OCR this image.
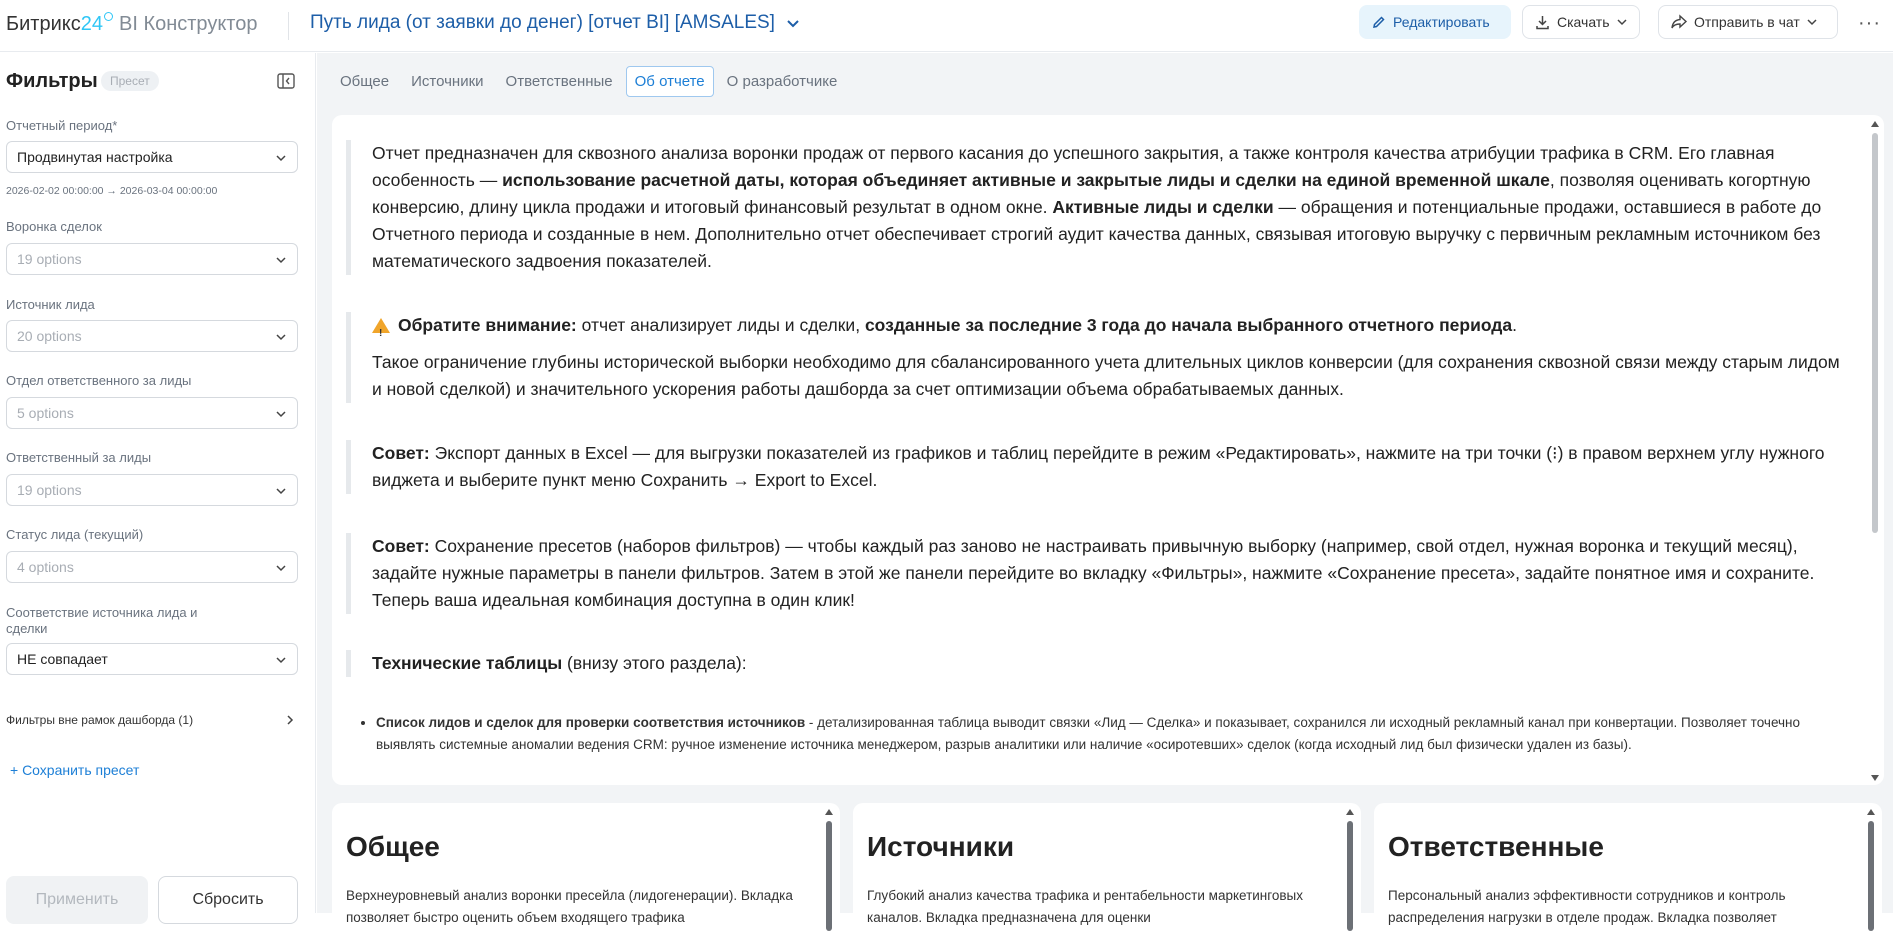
Битрикс24 BI Конструктор	Путь лида (от заявки до денег) [отчет BI] [AMSALES]	Редактировать	Скачать	Отправить в чат	···
Фильтры	Пресет
Отчетный период*
Продвинутая настройка
2026-02-02 00:00:00 → 2026-03-04 00:00:00
Воронка сделок
19 options
Источник лида
20 options
Отдел ответственного за лиды
5 options
Ответственный за лиды
19 options
Статус лида (текущий)
4 options
Соответствие источника лида и сделки
НЕ совпадает
Фильтры вне рамок дашборда (1)
+ Сохранить пресет
Применить	Сбросить
Общее	Источники	Ответственные	Об отчете	О разработчике
Отчет предназначен для сквозного анализа воронки продаж от первого касания до успешного закрытия, а также контроля качества атрибуции трафика в CRM. Его главная особенность — использование расчетной даты, которая объединяет активные и закрытые лиды и сделки на единой временной шкале, позволяя оценивать когортную конверсию, длину цикла продажи и итоговый финансовый результат в одном окне. Активные лиды и сделки — обращения и потенциальные продажи, оставшиеся в работе до Отчетного периода и созданные в нем. Дополнительно отчет обеспечивает строгий аудит качества данных, связывая итоговую выручку с первичным рекламным источником без математического задвоения показателей.

!Обратите внимание: отчет анализирует лиды и сделки, созданные за последние 3 года до начала выбранного отчетного периода.

Такое ограничение глубины исторической выборки необходимо для сбалансированного учета длительных циклов конверсии (для сохранения сквозной связи между старым лидом и новой сделкой) и значительного ускорения работы дашборда за счет оптимизации объема обрабатываемых данных.

Совет: Экспорт данных в Excel — для выгрузки показателей из графиков и таблиц перейдите в режим «Редактировать», нажмите на три точки (⁝) в правом верхнем углу нужного виджета и выберите пункт меню Сохранить → Export to Excel.
Совет: Сохранение пресетов (наборов фильтров) — чтобы каждый раз заново не настраивать привычную выборку (например, свой отдел, нужная воронка и текущий месяц), задайте нужные параметры в панели фильтров. Затем в этой же панели перейдите во вкладку «Фильтры», нажмите «Сохранение пресета», задайте понятное имя и сохраните. Теперь ваша идеальная комбинация доступна в один клик!
Технические таблицы (внизу этого раздела):
• Список лидов и сделок для проверки соответствия источников - детализированная таблица выводит связки «Лид — Сделка» и показывает, сохранился ли исходный рекламный канал при конвертации. Позволяет точечно выявлять системные аномалии ведения CRM: ручное изменение источника менеджером, разрыв аналитики или наличие «осиротевших» сделок (когда исходный лид был физически удален из базы).
Общее
Верхнеуровневый анализ воронки пресейла (лидогенерации). Вкладка позволяет быстро оценить объем входящего трафика
Источники
Глубокий анализ качества трафика и рентабельности маркетинговых каналов. Вкладка предназначена для оценки
Ответственные
Персональный анализ эффективности сотрудников и контроль распределения нагрузки в отделе продаж. Вкладка позволяет
